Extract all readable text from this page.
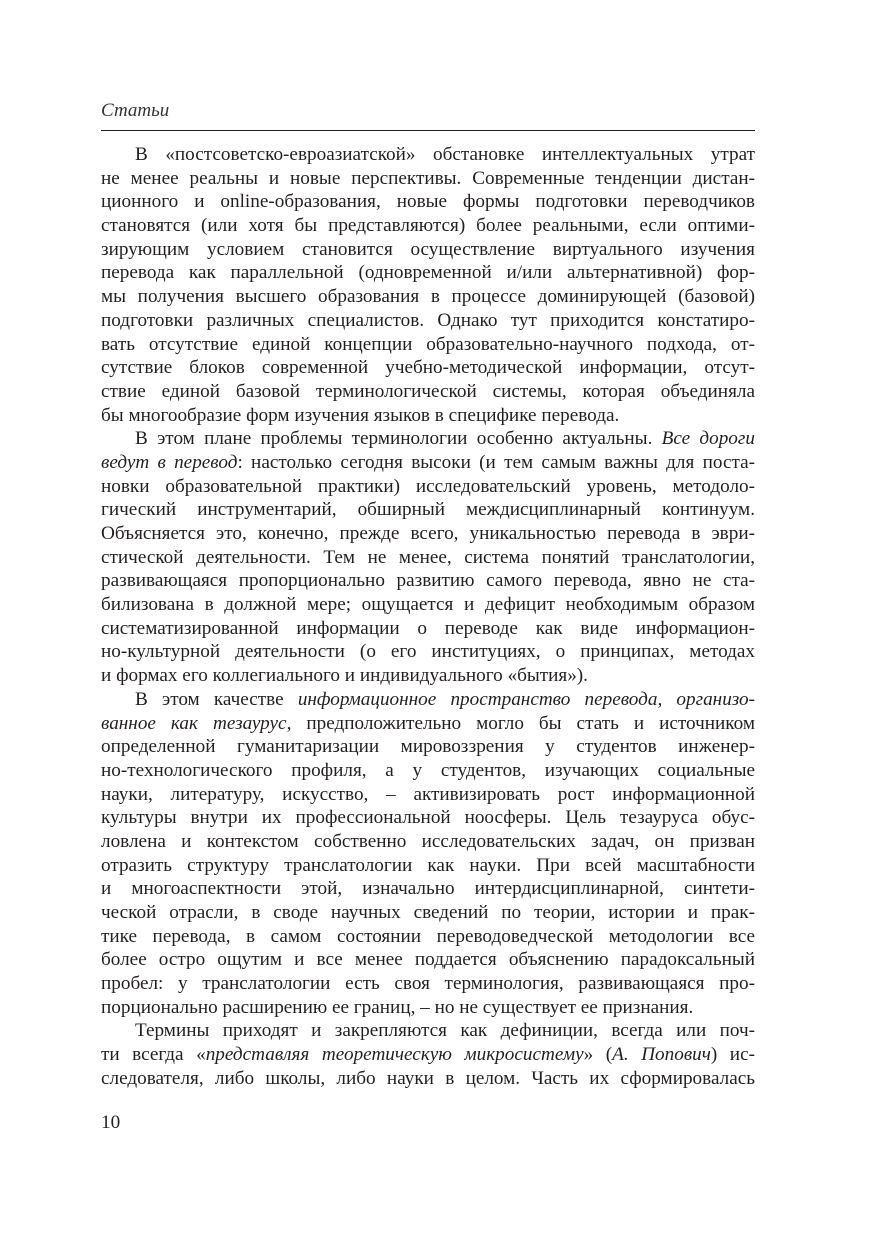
Статьи

В «постсоветско-евроазиатской» обстановке интеллектуальных утрат
не менее реальны и новые перспективы. Современные тенденции дистан-
ционного и online-образования, новые формы подготовки переводчиков
становятся (или хотя бы представляются) более реальными, если оптими-
зирующим условием становится осуществление виртуального изучения
перевода как параллельной (одновременной и/или альтернативной) фор-
мы получения высшего образования в процессе доминирующей (базовой)
подготовки различных специалистов. Однако тут приходится констатиро-
вать отсутствие единой концепции образовательно-научного подхода, от-
сутствие блоков современной учебно-методической информации, отсут-
ствие единой базовой терминологической системы, которая объединяла
бы многообразие форм изучения языков в специфике перевода.

В этом плане проблемы терминологии особенно актуальны. Все дороги
ведут в перевод: настолько сегодня высоки (и тем самым важны для поста-
новки образовательной практики) исследовательский уровень, методоло-
гический инструментарий, обширный междисциплинарный континуум.
Объясняется это, конечно, прежде всего, уникальностью перевода в эври-
стической деятельности. Тем не менее, система понятий транслатологии,
развивающаяся пропорционально развитию самого перевода, явно не ста-
билизована в должной мере; ощущается и дефицит необходимым образом
систематизированной информации о переводе как виде информацион-
но-культурной деятельности (о его институциях, о принципах, методах
и формах его коллегиального и индивидуального «бытия»).

В этом качестве информационное пространство перевода, организо-
ванное как тезаурус, предположительно могло бы стать и источником
определенной гуманитаризации мировоззрения у студентов инженер-
но-технологического профиля, а у студентов, изучающих социальные
науки, литературу, искусство, – активизировать рост информационной
культуры внутри их профессиональной ноосферы. Цель тезауруса обус-
ловлена и контекстом собственно исследовательских задач, он призван
отразить структуру транслатологии как науки. При всей масштабности
и многоаспектности этой, изначально интердисциплинарной, синтети-
ческой отрасли, в своде научных сведений по теории, истории и прак-
тике перевода, в самом состоянии переводоведческой методологии все
более остро ощутим и все менее поддается объяснению парадоксальный
пробел: у транслатологии есть своя терминология, развивающаяся про-
порционально расширению ее границ, – но не существует ее признания.

Термины приходят и закрепляются как дефиниции, всегда или поч-
ти всегда «представляя теоретическую микросистему» (А. Попович) ис-
следователя, либо школы, либо науки в целом. Часть их сформировалась

10
